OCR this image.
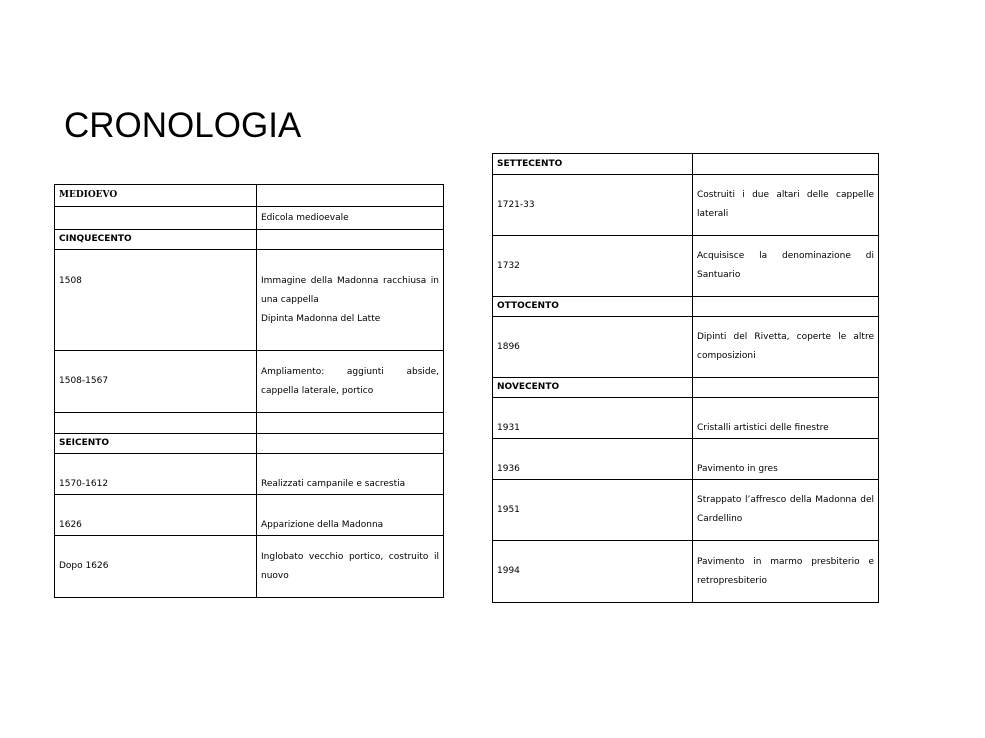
CRONOLOGIA
MEDIOEVO	
	Edicola medioevale
CINQUECENTO	
1508	Immagine della Madonna racchiusa in una cappella
Dipinta Madonna del Latte

1508-1567	Ampliamento: aggiunti abside, cappella laterale, portico

SEICENTO	
1570-1612	Realizzati campanile e sacrestia
1626	Apparizione della Madonna
Dopo 1626	Inglobato vecchio portico, costruito il nuovo
SETTECENTO	
1721-33	Costruiti i due altari delle cappelle laterali
1732	Acquisisce la denominazione di Santuario
OTTOCENTO	
1896	Dipinti del Rivetta, coperte le altre composizioni
NOVECENTO	
1931	Cristalli artistici delle finestre
1936	Pavimento in gres
1951	Strappato l’affresco della Madonna del Cardellino
1994	Pavimento in marmo presbiterio e retropresbiterio
